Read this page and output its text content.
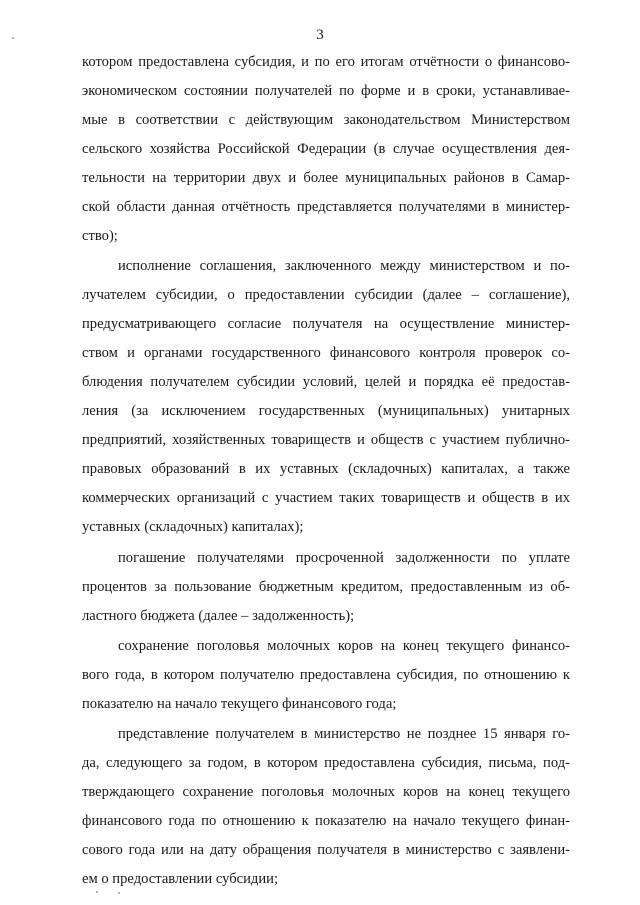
3
котором предоставлена субсидия, и по его итогам отчётности о финансово-
экономическом состоянии получателей по форме и в сроки, устанавливае-
мые в соответствии с действующим законодательством Министерством
сельского хозяйства Российской Федерации (в случае осуществления дея-
тельности на территории двух и более муниципальных районов в Самар-
ской области данная отчётность представляется получателями в министер-
ство);
исполнение соглашения, заключенного между министерством и по-
лучателем субсидии, о предоставлении субсидии (далее – соглашение),
предусматривающего согласие получателя на осуществление министер-
ством и органами государственного финансового контроля проверок со-
блюдения получателем субсидии условий, целей и порядка её предостав-
ления (за исключением государственных (муниципальных) унитарных
предприятий, хозяйственных товариществ и обществ с участием публично-
правовых образований в их уставных (складочных) капиталах, а также
коммерческих организаций с участием таких товариществ и обществ в их
уставных (складочных) капиталах);
погашение получателями просроченной задолженности по уплате
процентов за пользование бюджетным кредитом, предоставленным из об-
ластного бюджета (далее – задолженность);
сохранение поголовья молочных коров на конец текущего финансо-
вого года, в котором получателю предоставлена субсидия, по отношению к
показателю на начало текущего финансового года;
представление получателем в министерство не позднее 15 января го-
да, следующего за годом, в котором предоставлена субсидия, письма, под-
тверждающего сохранение поголовья молочных коров на конец текущего
финансового года по отношению к показателю на начало текущего финан-
сового года или на дату обращения получателя в министерство с заявлени-
ем о предоставлении субсидии;
